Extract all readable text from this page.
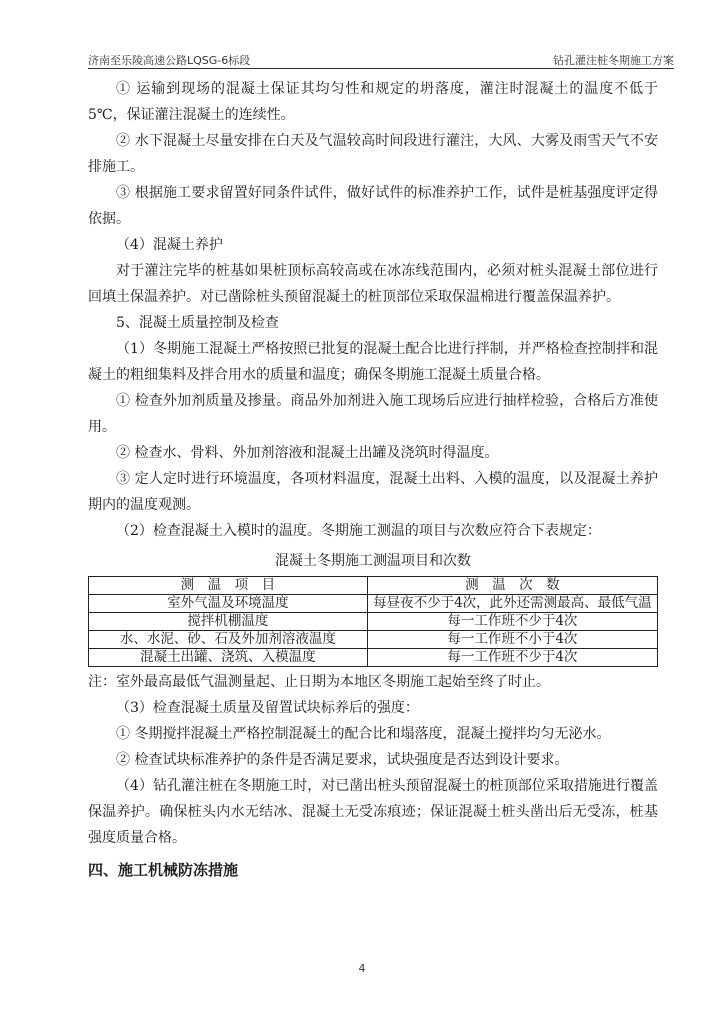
济南至乐陵高速公路LQSG-6标段	钻孔灌注桩冬期施工方案

① 运输到现场的混凝土保证其均匀性和规定的坍落度，灌注时混凝土的温度不低于5℃，保证灌注混凝土的连续性。

② 水下混凝土尽量安排在白天及气温较高时间段进行灌注，大风、大雾及雨雪天气不安排施工。

③ 根据施工要求留置好同条件试件，做好试件的标准养护工作，试件是桩基强度评定得依据。

（4）混凝土养护

对于灌注完毕的桩基如果桩顶标高较高或在冰冻线范围内，必须对桩头混凝土部位进行回填土保温养护。对已凿除桩头预留混凝土的桩顶部位采取保温棉进行覆盖保温养护。

5、混凝土质量控制及检查

（1）冬期施工混凝土严格按照已批复的混凝土配合比进行拌制，并严格检查控制拌和混凝土的粗细集料及拌合用水的质量和温度；确保冬期施工混凝土质量合格。

① 检查外加剂质量及掺量。商品外加剂进入施工现场后应进行抽样检验，合格后方准使用。

② 检查水、骨料、外加剂溶液和混凝土出罐及浇筑时得温度。

③ 定人定时进行环境温度，各项材料温度，混凝土出料、入模的温度，以及混凝土养护期内的温度观测。

（2）检查混凝土入模时的温度。冬期施工测温的项目与次数应符合下表规定：

混凝土冬期施工测温项目和次数
测　温　项　目	测　温　次　数
室外气温及环境温度	每昼夜不少于4次，此外还需测最高、最低气温
搅拌机棚温度	每一工作班不少于4次
水、水泥、砂、石及外加剂溶液温度	每一工作班不小于4次
混凝土出罐、浇筑、入模温度	每一工作班不少于4次

注：室外最高最低气温测量起、止日期为本地区冬期施工起始至终了时止。

（3）检查混凝土质量及留置试块标养后的强度：

① 冬期搅拌混凝土严格控制混凝土的配合比和塌落度，混凝土搅拌均匀无泌水。

② 检查试块标准养护的条件是否满足要求，试块强度是否达到设计要求。

（4）钻孔灌注桩在冬期施工时，对已凿出桩头预留混凝土的桩顶部位采取措施进行覆盖保温养护。确保桩头内水无结冰、混凝土无受冻痕迹；保证混凝土桩头凿出后无受冻，桩基强度质量合格。

四、施工机械防冻措施

4
